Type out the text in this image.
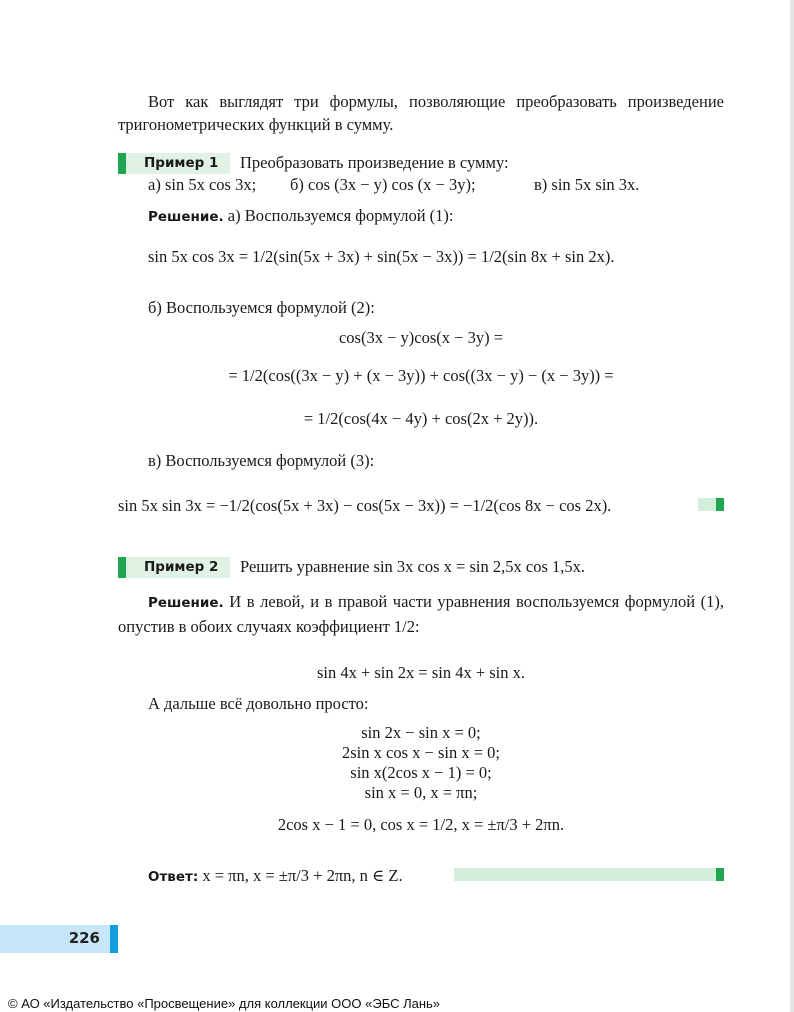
Вот как выглядят три формулы, позволяющие преобразовать произведение тригонометрических функций в сумму.
Пример 1 Преобразовать произведение в сумму:
а) sin 5x cos 3x; б) cos (3x − y) cos (x − 3y);	в) sin 5x sin 3x.
Решение. а) Воспользуемся формулой (1):
sin 5x cos 3x = 1/2(sin(5x + 3x) + sin(5x − 3x)) = 1/2(sin 8x + sin 2x).
б) Воспользуемся формулой (2):
cos(3x − y)cos(x − 3y) =
= 1/2(cos((3x − y) + (x − 3y)) + cos((3x − y) − (x − 3y)) =
= 1/2(cos(4x − 4y) + cos(2x + 2y)).
в) Воспользуемся формулой (3):
sin 5x sin 3x = −1/2(cos(5x + 3x) − cos(5x − 3x)) = −1/2(cos 8x − cos 2x).
Пример 2 Решить уравнение sin 3x cos x = sin 2,5x cos 1,5x.
Решение. И в левой, и в правой части уравнения воспользуемся формулой (1), опустив в обоих случаях коэффициент 1/2:
sin 4x + sin 2x = sin 4x + sin x.
А дальше всё довольно просто:
sin 2x − sin x = 0;
2sin x cos x − sin x = 0;
sin x(2cos x − 1) = 0;
sin x = 0, x = πn;
2cos x − 1 = 0, cos x = 1/2, x = ±π/3 + 2πn.
Ответ: x = πn, x = ±π/3 + 2πn, n ∈ Z.
226
© АО «Издательство «Просвещение» для коллекции ООО «ЭБС Лань»
